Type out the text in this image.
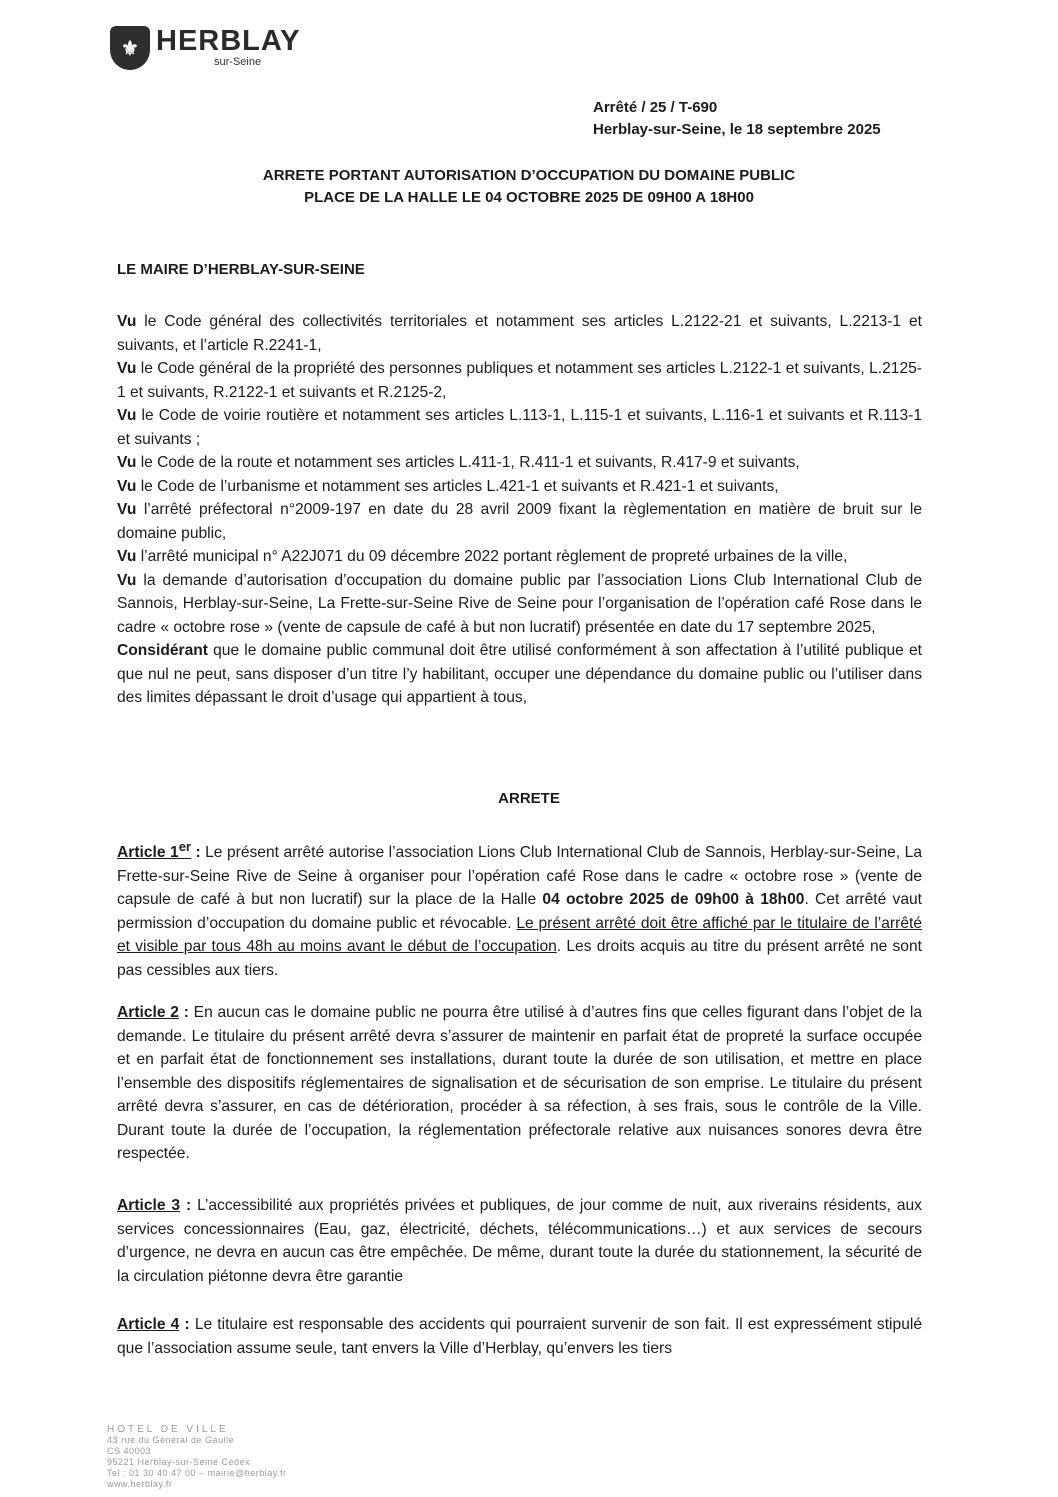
⚜ HERBLAY
sur-Seine
Arrêté / 25 / T-690
Herblay-sur-Seine, le 18 septembre 2025
ARRETE PORTANT AUTORISATION D’OCCUPATION DU DOMAINE PUBLIC
PLACE DE LA HALLE LE 04 OCTOBRE 2025 DE 09H00 A 18H00
LE MAIRE D’HERBLAY-SUR-SEINE

Vu le Code général des collectivités territoriales et notamment ses articles L.2122-21 et suivants, L.2213-1 et suivants, et l’article R.2241-1,

Vu le Code général de la propriété des personnes publiques et notamment ses articles L.2122-1 et suivants, L.2125-1 et suivants, R.2122-1 et suivants et R.2125-2,

Vu le Code de voirie routière et notamment ses articles L.113-1, L.115-1 et suivants, L.116-1 et suivants et R.113-1 et suivants ;

Vu le Code de la route et notamment ses articles L.411-1, R.411-1 et suivants, R.417-9 et suivants,

Vu le Code de l’urbanisme et notamment ses articles L.421-1 et suivants et R.421-1 et suivants,

Vu l’arrêté préfectoral n°2009-197 en date du 28 avril 2009 fixant la règlementation en matière de bruit sur le domaine public,

Vu l’arrêté municipal n° A22J071 du 09 décembre 2022 portant règlement de propreté urbaines de la ville,

Vu la demande d’autorisation d’occupation du domaine public par l’association Lions Club International Club de Sannois, Herblay-sur-Seine, La Frette-sur-Seine Rive de Seine pour l’organisation de l’opération café Rose dans le cadre « octobre rose » (vente de capsule de café à but non lucratif) présentée en date du 17 septembre 2025,

Considérant que le domaine public communal doit être utilisé conformément à son affectation à l’utilité publique et que nul ne peut, sans disposer d’un titre l’y habilitant, occuper une dépendance du domaine public ou l’utiliser dans des limites dépassant le droit d’usage qui appartient à tous,

ARRETE

Article 1er : Le présent arrêté autorise l’association Lions Club International Club de Sannois, Herblay-sur-Seine, La Frette-sur-Seine Rive de Seine à organiser pour l’opération café Rose dans le cadre « octobre rose » (vente de capsule de café à but non lucratif) sur la place de la Halle 04 octobre 2025 de 09h00 à 18h00. Cet arrêté vaut permission d’occupation du domaine public et révocable. Le présent arrêté doit être affiché par le titulaire de l’arrêté et visible par tous 48h au moins avant le début de l’occupation. Les droits acquis au titre du présent arrêté ne sont pas cessibles aux tiers.

Article 2 : En aucun cas le domaine public ne pourra être utilisé à d’autres fins que celles figurant dans l’objet de la demande. Le titulaire du présent arrêté devra s’assurer de maintenir en parfait état de propreté la surface occupée et en parfait état de fonctionnement ses installations, durant toute la durée de son utilisation, et mettre en place l’ensemble des dispositifs réglementaires de signalisation et de sécurisation de son emprise. Le titulaire du présent arrêté devra s’assurer, en cas de détérioration, procéder à sa réfection, à ses frais, sous le contrôle de la Ville. Durant toute la durée de l’occupation, la réglementation préfectorale relative aux nuisances sonores devra être respectée.

Article 3 : L’accessibilité aux propriétés privées et publiques, de jour comme de nuit, aux riverains résidents, aux services concessionnaires (Eau, gaz, électricité, déchets, télécommunications…) et aux services de secours d’urgence, ne devra en aucun cas être empêchée. De même, durant toute la durée du stationnement, la sécurité de la circulation piétonne devra être garantie

Article 4 : Le titulaire est responsable des accidents qui pourraient survenir de son fait. Il est expressément stipulé que l’association assume seule, tant envers la Ville d’Herblay, qu’envers les tiers

HOTEL DE VILLE
43 rue du Général de Gaulle
CS 40003
95221 Herblay-sur-Seine Cedex
Tel : 01 30 40 47 00 – mairie@herblay.fr
www.herblay.fr
